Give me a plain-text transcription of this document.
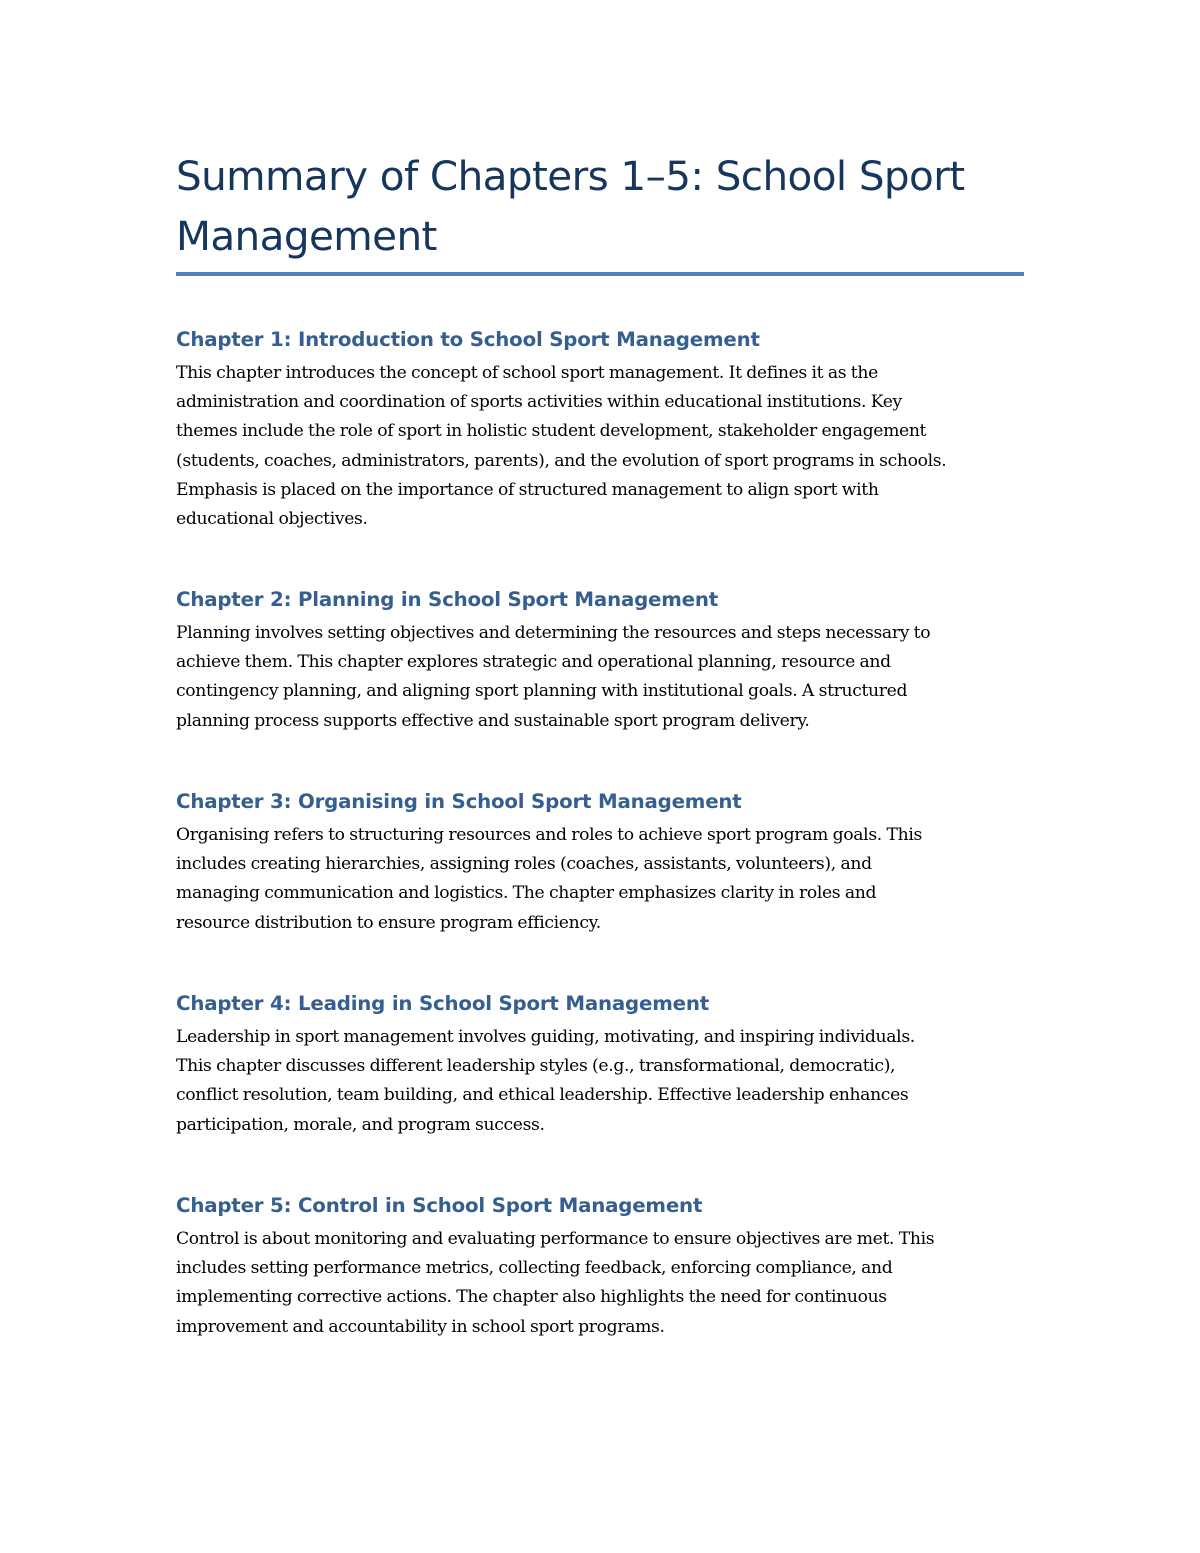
Summary of Chapters 1–5: School Sport
Management
Chapter 1: Introduction to School Sport Management
This chapter introduces the concept of school sport management. It defines it as the
administration and coordination of sports activities within educational institutions. Key
themes include the role of sport in holistic student development, stakeholder engagement
(students, coaches, administrators, parents), and the evolution of sport programs in schools.
Emphasis is placed on the importance of structured management to align sport with
educational objectives.
Chapter 2: Planning in School Sport Management
Planning involves setting objectives and determining the resources and steps necessary to
achieve them. This chapter explores strategic and operational planning, resource and
contingency planning, and aligning sport planning with institutional goals. A structured
planning process supports effective and sustainable sport program delivery.
Chapter 3: Organising in School Sport Management
Organising refers to structuring resources and roles to achieve sport program goals. This
includes creating hierarchies, assigning roles (coaches, assistants, volunteers), and
managing communication and logistics. The chapter emphasizes clarity in roles and
resource distribution to ensure program efficiency.
Chapter 4: Leading in School Sport Management
Leadership in sport management involves guiding, motivating, and inspiring individuals.
This chapter discusses different leadership styles (e.g., transformational, democratic),
conflict resolution, team building, and ethical leadership. Effective leadership enhances
participation, morale, and program success.
Chapter 5: Control in School Sport Management
Control is about monitoring and evaluating performance to ensure objectives are met. This
includes setting performance metrics, collecting feedback, enforcing compliance, and
implementing corrective actions. The chapter also highlights the need for continuous
improvement and accountability in school sport programs.
